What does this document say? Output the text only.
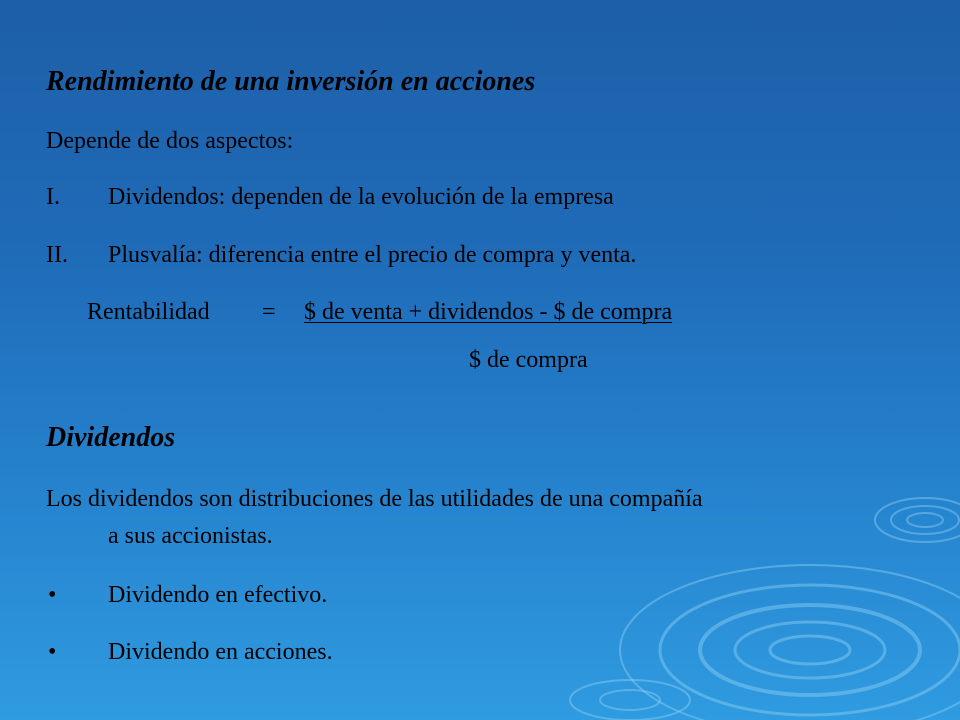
Rendimiento de una inversión en acciones
Depende de dos aspectos:
I. Dividendos: dependen de la evolución de la empresa
II. Plusvalía: diferencia entre el precio de compra y venta.
Rentabilidad = $ de venta + dividendos - $ de compra
$ de compra
Dividendos
Los dividendos son distribuciones de las utilidades de una compañía
a sus accionistas.
• Dividendo en efectivo.
• Dividendo en acciones.
